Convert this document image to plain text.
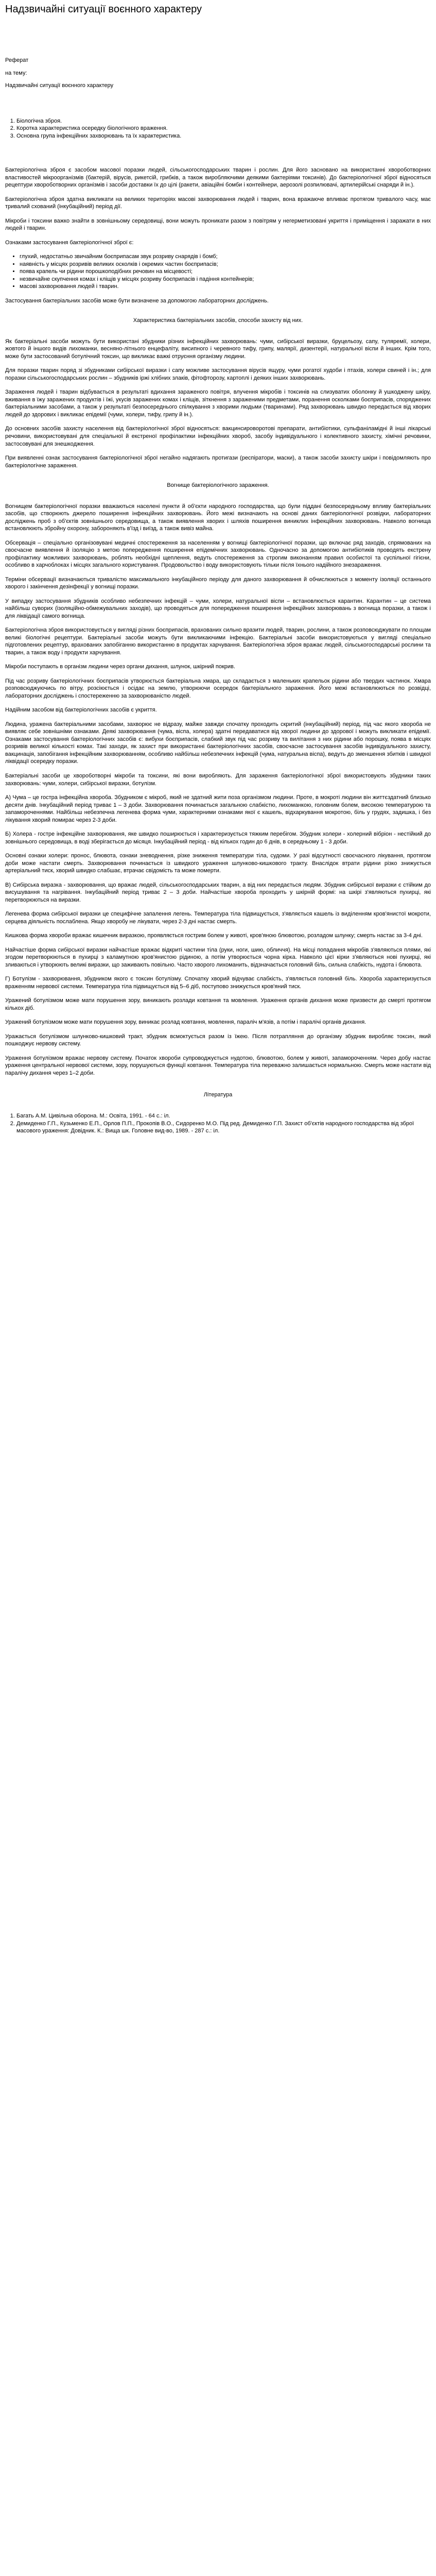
Надзвичайні ситуації воєнного характеру

Реферат

на тему:

Надзвичайні ситуації воєнного характеру

1. Біологічна зброя.
2. Коротка характеристика осередку біологічного враження.
3. Основна група інфекційних захворювань та їх характеристика.

Бактеріологічна зброя є засобом масової поразки людей, сільськогосподарських тварин і рослин. Для його засновано на використанні хвороботворних властивостей мікроорганізмів (бактерій, вірусів, рикетсій, грибків, а також виробляючими деякими бактеріями токсинів). До бактеріологічної зброї відносяться рецептури хвороботворних організмів і засоби доставки їх до цілі (ракети, авіаційні бомби і контейнери, аерозолі розпилювачі, артилерійські снаряди й ін.).

Бактеріологічна зброя здатна викликати на великих територіях масові захворювання людей і тварин, вона вражаюче впливає протягом тривалого часу, має тривалий схований (інкубаційний) період дії.

Мікроби і токсини важко знайти в зовнішньому середовищі, вони можуть проникати разом з повітрям у негерметизовані укриття і приміщення і заражати в них людей і тварин.

Ознаками застосування бактеріологічної зброї є:

• глухий, недостатньо звичайним боєприпасам звук розриву снарядів і бомб;
• наявність у місцях розривів великих осколків і окремих частин боєприпасів;
• поява крапель чи рідини порошкоподібних речовин на місцевості;
• незвичайне скупчення комах і кліщів у місцях розриву боєприпасів і падіння контейнерів;
• масові захворювання людей і тварин.

Застосування бактеріальних засобів може бути визначене за допомогою лабораторних досліджень.

Характеристика бактеріальних засобів, способи захисту від них.

Як бактеріальні засоби можуть бути використані збудники різних інфекційних захворювань: чуми, сибірської виразки, бруцельозу, сапу, туляремії, холери, жовтого й іншого видів лихоманки, весняно-літнього енцефаліту, висипного і черевного тифу, грипу, малярії, дизентерії, натуральної віспи й інших. Крім того, може бути застосований ботулічний токсин, що викликає важкі отруєння організму людини.

Для поразки тварин поряд зі збудниками сибірської виразки і сапу можливе застосування вірусів ящуру, чуми рогатої худоби і птахів, холери свиней і ін.; для поразки сільськогосподарських рослин – збудників іржі хлібних злаків, фітофторозу, картоплі і деяких інших захворювань.

Зараження людей і тварин відбувається в результаті вдихання зараженого повітря, влучення мікробів і токсинів на слизуватих оболонку й ушкоджену шкіру, вживання в їжу заражених продуктів і їжі, укусів заражених комах і кліщів, зіткнення з зараженими предметами, поранення осколками боєприпасів, споряджених бактеріальними засобами, а також у результаті безпосереднього спілкування з хворими людьми (тваринами). Ряд захворювань швидко передається від хворих людей до здорових і викликає епідемії (чуми, холери, тифу, грипу й ін.).

До основних засобів захисту населення від бактеріологічної зброї відносяться: вакцинсироворотові препарати, антибіотики, сульфаніламідні й інші лікарські речовини, використовувані для спеціальної й екстреної профілактики інфекційних хвороб, засобу індивідуального і колективного захисту, хімічні речовини, застосовувані для знешкодження.

При виявленні ознак застосування бактеріологічної зброї негайно надягають протигази (респіратори, маски), а також засоби захисту шкіри і повідомляють про бактеріологічне зараження.

Вогнище бактеріологічного зараження.

Вогнищем бактеріологічної поразки вважаються населені пункти й об'єкти народного господарства, що були піддані безпосередньому впливу бактеріальних засобів, що створюють джерело поширення інфекційних захворювань. Його межі визначають на основі даних бактеріологічної розвідки, лабораторних досліджень проб з об'єктів зовнішнього середовища, а також виявлення хворих і шляхів поширення виниклих інфекційних захворювань. Навколо вогнища встановлюють збройну охорону, забороняють в'їзд і виїзд, а також вивіз майна.

Обсервація – спеціально організовувані медичні спостереження за населенням у вогнищі бактеріологічної поразки, що включає ряд заходів, спрямованих на своєчасне виявлення й ізоляцію з метою попередження поширення епідемічних захворювань. Одночасно за допомогою антибіотиків проводять екстрену профілактику можливих захворювань, роблять необхідні щеплення, ведуть спостереження за строгим виконанням правил особистої та суспільної гігієни, особливо в харчоблоках і місцях загального користування. Продовольство і воду використовують тільки після їхнього надійного знезараження.

Терміни обсервації визначаються тривалістю максимального інкубаційного періоду для даного захворювання й обчислюються з моменту ізоляції останнього хворого і закінчення дезінфекції у вогнищі поразки.

У випадку застосування збудників особливо небезпечних інфекцій – чуми, холери, натуральної віспи – встановлюється карантин. Карантин – це система найбільш суворих (ізоляційно-обмежувальних заходів), що проводяться для попередження поширення інфекційних захворювань з вогнища поразки, а також і для ліквідації самого вогнища.

Бактеріологічна зброя використовується у вигляді різних боєприпасів, врахованих сильно вразити людей, тварин, рослини, а також розповсюджувати по площам великі біологічні рецептури. Бактеріальні засоби можуть бути викликаючими інфекцію. Бактеріальні засоби використовуються у вигляді спеціально підготовлених рецептур, врахованих запобіганню використанню в продуктах харчування. Бактеріологічна зброя вражає людей, сільськогосподарські рослини та тварин, а також воду і продукти харчування.

Мікроби поступають в організм людини через органи дихання, шлунок, шкірний покрив.

Під час розриву бактеріологічних боєприпасів утворюється бактеріальна хмара, що складається з маленьких крапельок рідини або твердих частинок. Хмара розповсюджуючись по вітру, розсіюється і осідає на землю, утворюючи осередок бактеріального зараження. Його межі встановлюються по розвідці, лабораторних досліджень і спостереженню за захворюваністю людей.

Надійним засобом від бактеріологічних засобів є укриття.

Людина, уражена бактеріальними засобами, захворює не відразу, майже завжди спочатку проходить скритий (інкубаційний) період, під час якого хвороба не виявляє себе зовнішніми ознаками. Деякі захворювання (чума, віспа, холера) здатні передаватися від хворої людини до здорової і можуть викликати епідемії. Ознаками застосування бактеріологічних засобів є: вибухи боєприпасів, слабкий звук під час розриву та вилітання з них рідини або порошку, поява в місцях розривів великої кількості комах. Такі заходи, як захист при використанні бактеріологічних засобів, своєчасне застосування засобів індивідуального захисту, вакцинація, запобігання інфекційним захворюванням, особливо найбільш небезпечних інфекцій (чума, натуральна віспа), ведуть до зменшення збитків і швидкої ліквідації осередку поразки.

Бактеріальні засоби це хвороботворні мікроби та токсини, які вони виробляють. Для зараження бактеріологічної зброї використовують збудники таких захворювань: чуми, холери, сибірської виразки, ботулізм.

А) Чума – це гостра інфекційна хвороба. Збудником є мікроб, який не здатний жити поза організмом людини. Проте, в мокроті людини він життєздатний близько десяти днів. Інкубаційний період триває 1 – 3 доби. Захворювання починається загальною слабкістю, лихоманкою, головним болем, високою температурою та запамороченнями. Найбільш небезпечна легенева форма чуми, характерними ознаками якої є кашель, відхаркування мокротою, біль у грудях, задишка, і без лікування хворий помирає через 2-3 доби.

Б) Холера - гостре інфекційне захворювання, яке швидко поширюється і характеризується тяжким перебігом. Збудник холери - холерний вібріон - нестійкий до зовнішнього середовища, в воді зберігається до місяця. Інкубаційний період - від кількох годин до 6 днів, в середньому 1 - 3 доби.

Основні ознаки холери: пронос, блювота, ознаки зневоднення, різке зниження температури тіла, судоми. У разі відсутності своєчасного лікування, протягом доби може настати смерть. Захворювання починається із швидкого ураження шлунково-кишкового тракту. Внаслідок втрати рідини різко знижується артеріальний тиск, хворий швидко слабшає, втрачає свідомість та може померти.

В) Сибірська виразка - захворювання, що вражає людей, сільськогосподарських тварин, а від них передається людям. Збудник сибірської виразки є стійким до висушування та нагрівання. Інкубаційний період триває 2 – 3 доби. Найчастіше хвороба проходить у шкірній формі: на шкірі з'являються пухирці, які перетворюються на виразки.

Легенева форма сибірської виразки це специфічне запалення легень. Температура тіла підвищується, з'являється кашель із виділенням кров'янистої мокроти, серцева діяльність послаблена. Якщо хворобу не лікувати, через 2-3 дні настає смерть.

Кишкова форма хвороби вражає кишечник виразкою, проявляється гострим болем у животі, кров'яною блювотою, розладом шлунку; смерть настає за 3-4 дні.

Найчастіше форма сибірської виразки найчастіше вражає відкриті частини тіла (руки, ноги, шию, обличчя). На місці попадання мікробів з'являються плями, які згодом перетворюються в пухирці з каламутною кров'янистою рідиною, а потім утворюється чорна кірка. Навколо цієї кірки з'являються нові пухирці, які зливаються і утворюють великі виразки, що заживають повільно. Часто хворого лихоманить, відзначається головний біль, сильна слабкість, нудота і блювота.

Г) Ботулізм - захворювання, збудником якого є токсин ботулізму. Спочатку хворий відчуває слабкість, з'являється головний біль. Хвороба характеризується враженням нервової системи. Температура тіла підвищується від 5–6 діб, поступово знижується кров'яний тиск.

Уражений ботулізмом може мати порушення зору, виникають розлади ковтання та мовлення. Ураження органів дихання може призвести до смерті протягом кількох діб.

Уражений ботулізмом може мати порушення зору, виникає розлад ковтання, мовлення, параліч м'язів, а потім і паралічі органів дихання.

Уражається ботулізмом шлунково-кишковий тракт, збудник всмоктується разом із їжею. Після потрапляння до організму збудник виробляє токсин, який пошкоджує нервову систему.

Ураження ботулізмом вражає нервову систему. Початок хвороби супроводжується нудотою, блювотою, болем у животі, запамороченням. Через добу настає ураження центральної нервової системи, зору, порушуються функції ковтання. Температура тіла переважно залишається нормальною. Смерть може настати від паралічу дихання через 1–2 доби.

Література

1. Багать А.М. Цивільна оборона. М.: Освіта, 1991. - 64 с.: іл.
2. Демиденко Г.П., Кузьменко Е.П., Орлов П.П., Прокопів В.О., Сидоренко М.О. Під ред. Демиденко Г.П. Захист об'єктів народного господарства від зброї масового ураження: Довідник. К.: Вища шк. Головне вид-во, 1989. - 287 с.: іл.
